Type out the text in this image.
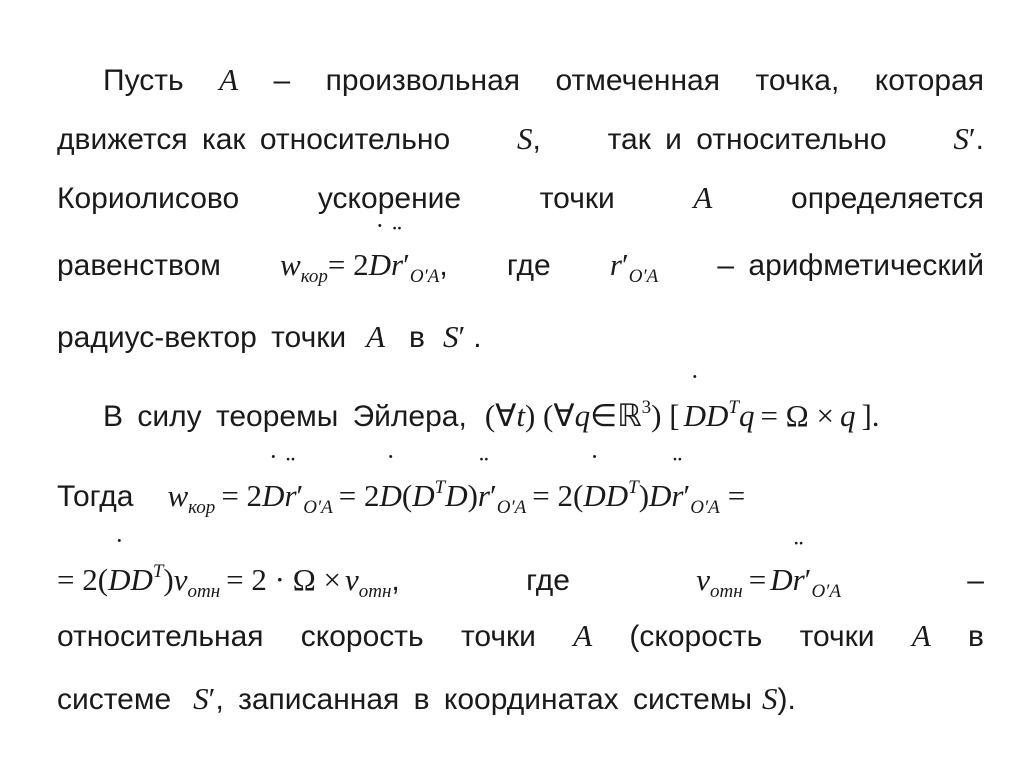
Пусть A – произвольная отмеченная точка, которая
движется как относительно S, так и относительно S′.
Кориолисово	ускорение	точки	A	определяется
равенством $w_{кор}= 2D$ ˙r $¨'_{O'A}$, где $r'_{O'A}$ – арифметический
радиус-вектор точки A в S′ .
В силу теоремы Эйлера, (∀t) (∀q∈ℝ$^3$) [ D $˙D^Tq = \Omega \times q$ ].
Тогда $w_{кор} = 2D$ ˙r $¨'_{O'A} = 2D$ $˙(D^TD)r$ $¨'_{O'A} = 2(D$ $˙D^T)Dr$ $¨'_{O'A}$ =
= 2(D $˙D^T)v_{отн} = 2 \cdot \Omega \times v_{отн}$,	где	$v_{отн} = Dr$ $¨'_{O'A}$	–
относительная скорость точки A (скорость точки A в
системе S′, записанная в координатах системы S).
